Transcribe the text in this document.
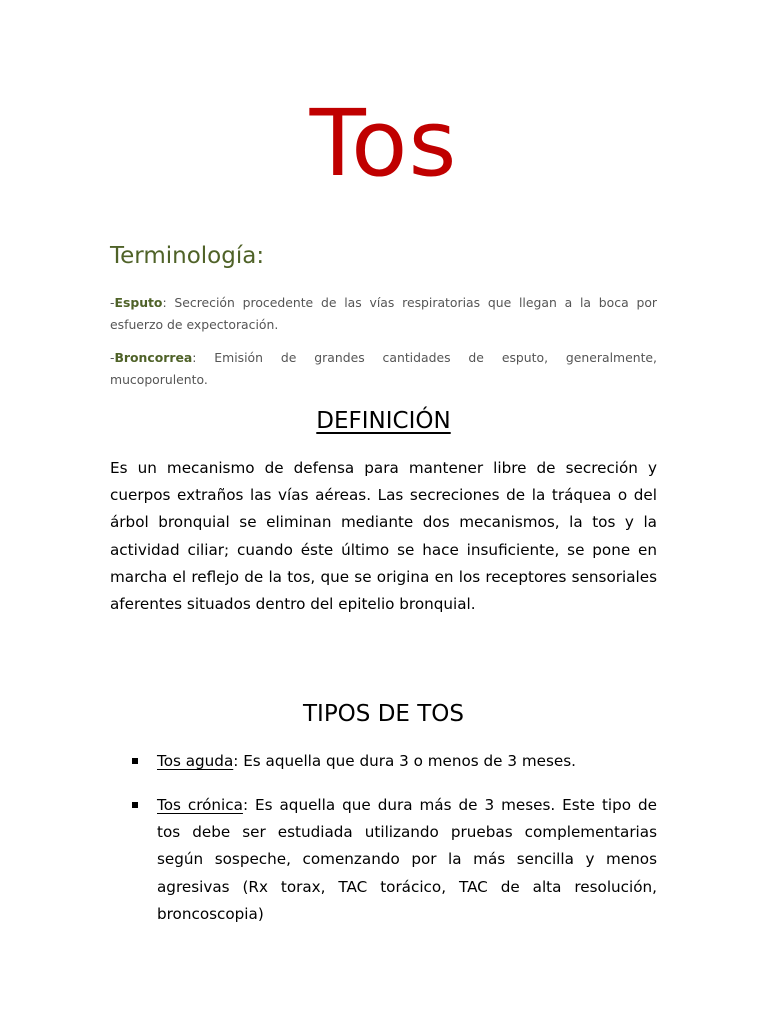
Tos
Terminología:

-Esputo: Secreción procedente de las vías respiratorias que llegan a la boca por esfuerzo de expectoración.

-Broncorrea: Emisión de grandes cantidades de esputo, generalmente, mucoporulento.

DEFINICIÓN

Es un mecanismo de defensa para mantener libre de secreción y cuerpos extraños las vías aéreas. Las secreciones de la tráquea o del árbol bronquial se eliminan mediante dos mecanismos, la tos y la actividad ciliar; cuando éste último se hace insuficiente, se pone en marcha el reflejo de la tos, que se origina en los receptores sensoriales aferentes situados dentro del epitelio bronquial.

TIPOS DE TOS

Tos aguda: Es aquella que dura 3 o menos de 3 meses.

Tos crónica: Es aquella que dura más de 3 meses. Este tipo de tos debe ser estudiada utilizando pruebas complementarias según sospeche, comenzando por la más sencilla y menos agresivas (Rx torax, TAC torácico, TAC de alta resolución, broncoscopia)
